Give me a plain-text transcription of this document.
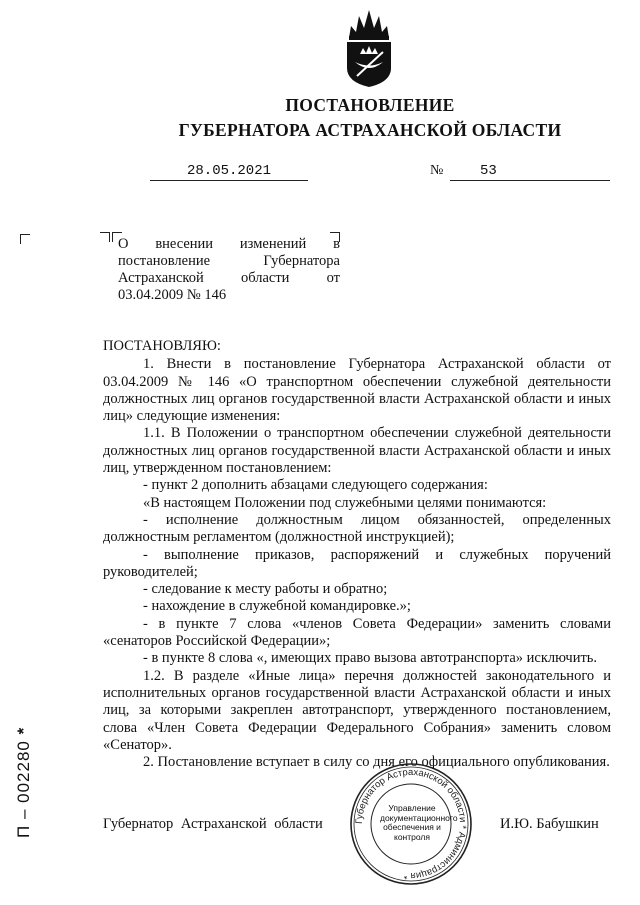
ПОСТАНОВЛЕНИЕ
ГУБЕРНАТОРА АСТРАХАНСКОЙ ОБЛАСТИ
28.05.2021	№	53
О внесении изменений в постановление Губернатора Астраханской области от 03.04.2009 № 146

ПОСТАНОВЛЯЮ:

1. Внести в постановление Губернатора Астраханской области от 03.04.2009 № 146 «О транспортном обеспечении служебной деятельности должностных лиц органов государственной власти Астраханской области и иных лиц» следующие изменения:

1.1. В Положении о транспортном обеспечении служебной деятельности должностных лиц органов государственной власти Астраханской области и иных лиц, утвержденном постановлением:

- пункт 2 дополнить абзацами следующего содержания:

«В настоящем Положении под служебными целями понимаются:

- исполнение должностным лицом обязанностей, определенных должностным регламентом (должностной инструкцией);

- выполнение приказов, распоряжений и служебных поручений руководителей;

- следование к месту работы и обратно;

- нахождение в служебной командировке.»;

- в пункте 7 слова «членов Совета Федерации» заменить словами «сенаторов Российской Федерации»;

- в пункте 8 слова «, имеющих право вызова автотранспорта» исключить.

1.2. В разделе «Иные лица» перечня должностей законодательного и исполнительных органов государственной власти Астраханской области и иных лиц, за которыми закреплен автотранспорт, утвержденного постановлением, слова «Член Совета Федерации Федерального Собрания» заменить словом «Сенатор».

2. Постановление вступает в силу со дня его официального опубликования.

Губернатор Астраханской области * Администрация *
Управление документационного обеспечения и контроля
Губернатор Астраханской области	И.Ю. Бабушкин
П – 002280 *
